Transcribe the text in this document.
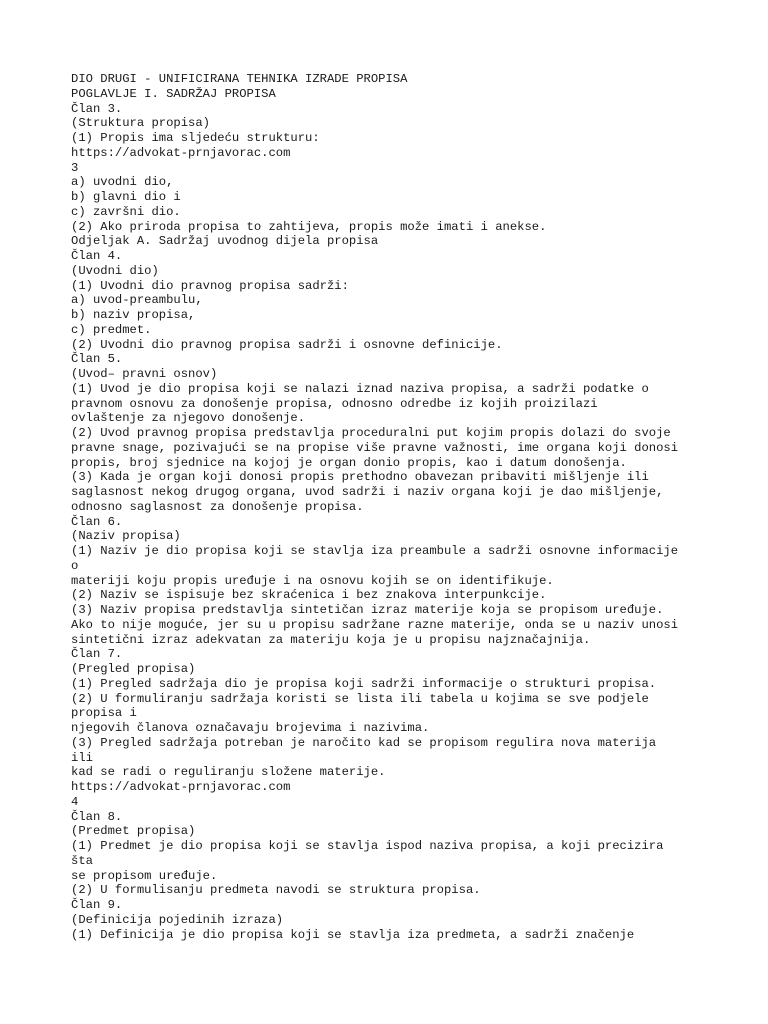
DIO DRUGI - UNIFICIRANA TEHNIKA IZRADE PROPISA
POGLAVLJE I. SADRŽAJ PROPISA
Član 3.
(Struktura propisa)
(1) Propis ima sljedeću strukturu:
https://advokat-prnjavorac.com
3
a) uvodni dio,
b) glavni dio i
c) završni dio.
(2) Ako priroda propisa to zahtijeva, propis može imati i anekse.
Odjeljak A. Sadržaj uvodnog dijela propisa
Član 4.
(Uvodni dio)
(1) Uvodni dio pravnog propisa sadrži:
a) uvod-preambulu,
b) naziv propisa,
c) predmet.
(2) Uvodni dio pravnog propisa sadrži i osnovne definicije.
Član 5.
(Uvod– pravni osnov)
(1) Uvod je dio propisa koji se nalazi iznad naziva propisa, a sadrži podatke o
pravnom osnovu za donošenje propisa, odnosno odredbe iz kojih proizilazi
ovlaštenje za njegovo donošenje.
(2) Uvod pravnog propisa predstavlja proceduralni put kojim propis dolazi do svoje
pravne snage, pozivajući se na propise više pravne važnosti, ime organa koji donosi
propis, broj sjednice na kojoj je organ donio propis, kao i datum donošenja.
(3) Kada je organ koji donosi propis prethodno obavezan pribaviti mišljenje ili
saglasnost nekog drugog organa, uvod sadrži i naziv organa koji je dao mišljenje,
odnosno saglasnost za donošenje propisa.
Član 6.
(Naziv propisa)
(1) Naziv je dio propisa koji se stavlja iza preambule a sadrži osnovne informacije
o
materiji koju propis uređuje i na osnovu kojih se on identifikuje.
(2) Naziv se ispisuje bez skraćenica i bez znakova interpunkcije.
(3) Naziv propisa predstavlja sintetičan izraz materije koja se propisom uređuje.
Ako to nije moguće, jer su u propisu sadržane razne materije, onda se u naziv unosi
sintetični izraz adekvatan za materiju koja je u propisu najznačajnija.
Član 7.
(Pregled propisa)
(1) Pregled sadržaja dio je propisa koji sadrži informacije o strukturi propisa.
(2) U formuliranju sadržaja koristi se lista ili tabela u kojima se sve podjele
propisa i
njegovih članova označavaju brojevima i nazivima.
(3) Pregled sadržaja potreban je naročito kad se propisom regulira nova materija
ili
kad se radi o reguliranju složene materije.
https://advokat-prnjavorac.com
4
Član 8.
(Predmet propisa)
(1) Predmet je dio propisa koji se stavlja ispod naziva propisa, a koji precizira
šta
se propisom uređuje.
(2) U formulisanju predmeta navodi se struktura propisa.
Član 9.
(Definicija pojedinih izraza)
(1) Definicija je dio propisa koji se stavlja iza predmeta, a sadrži značenje
